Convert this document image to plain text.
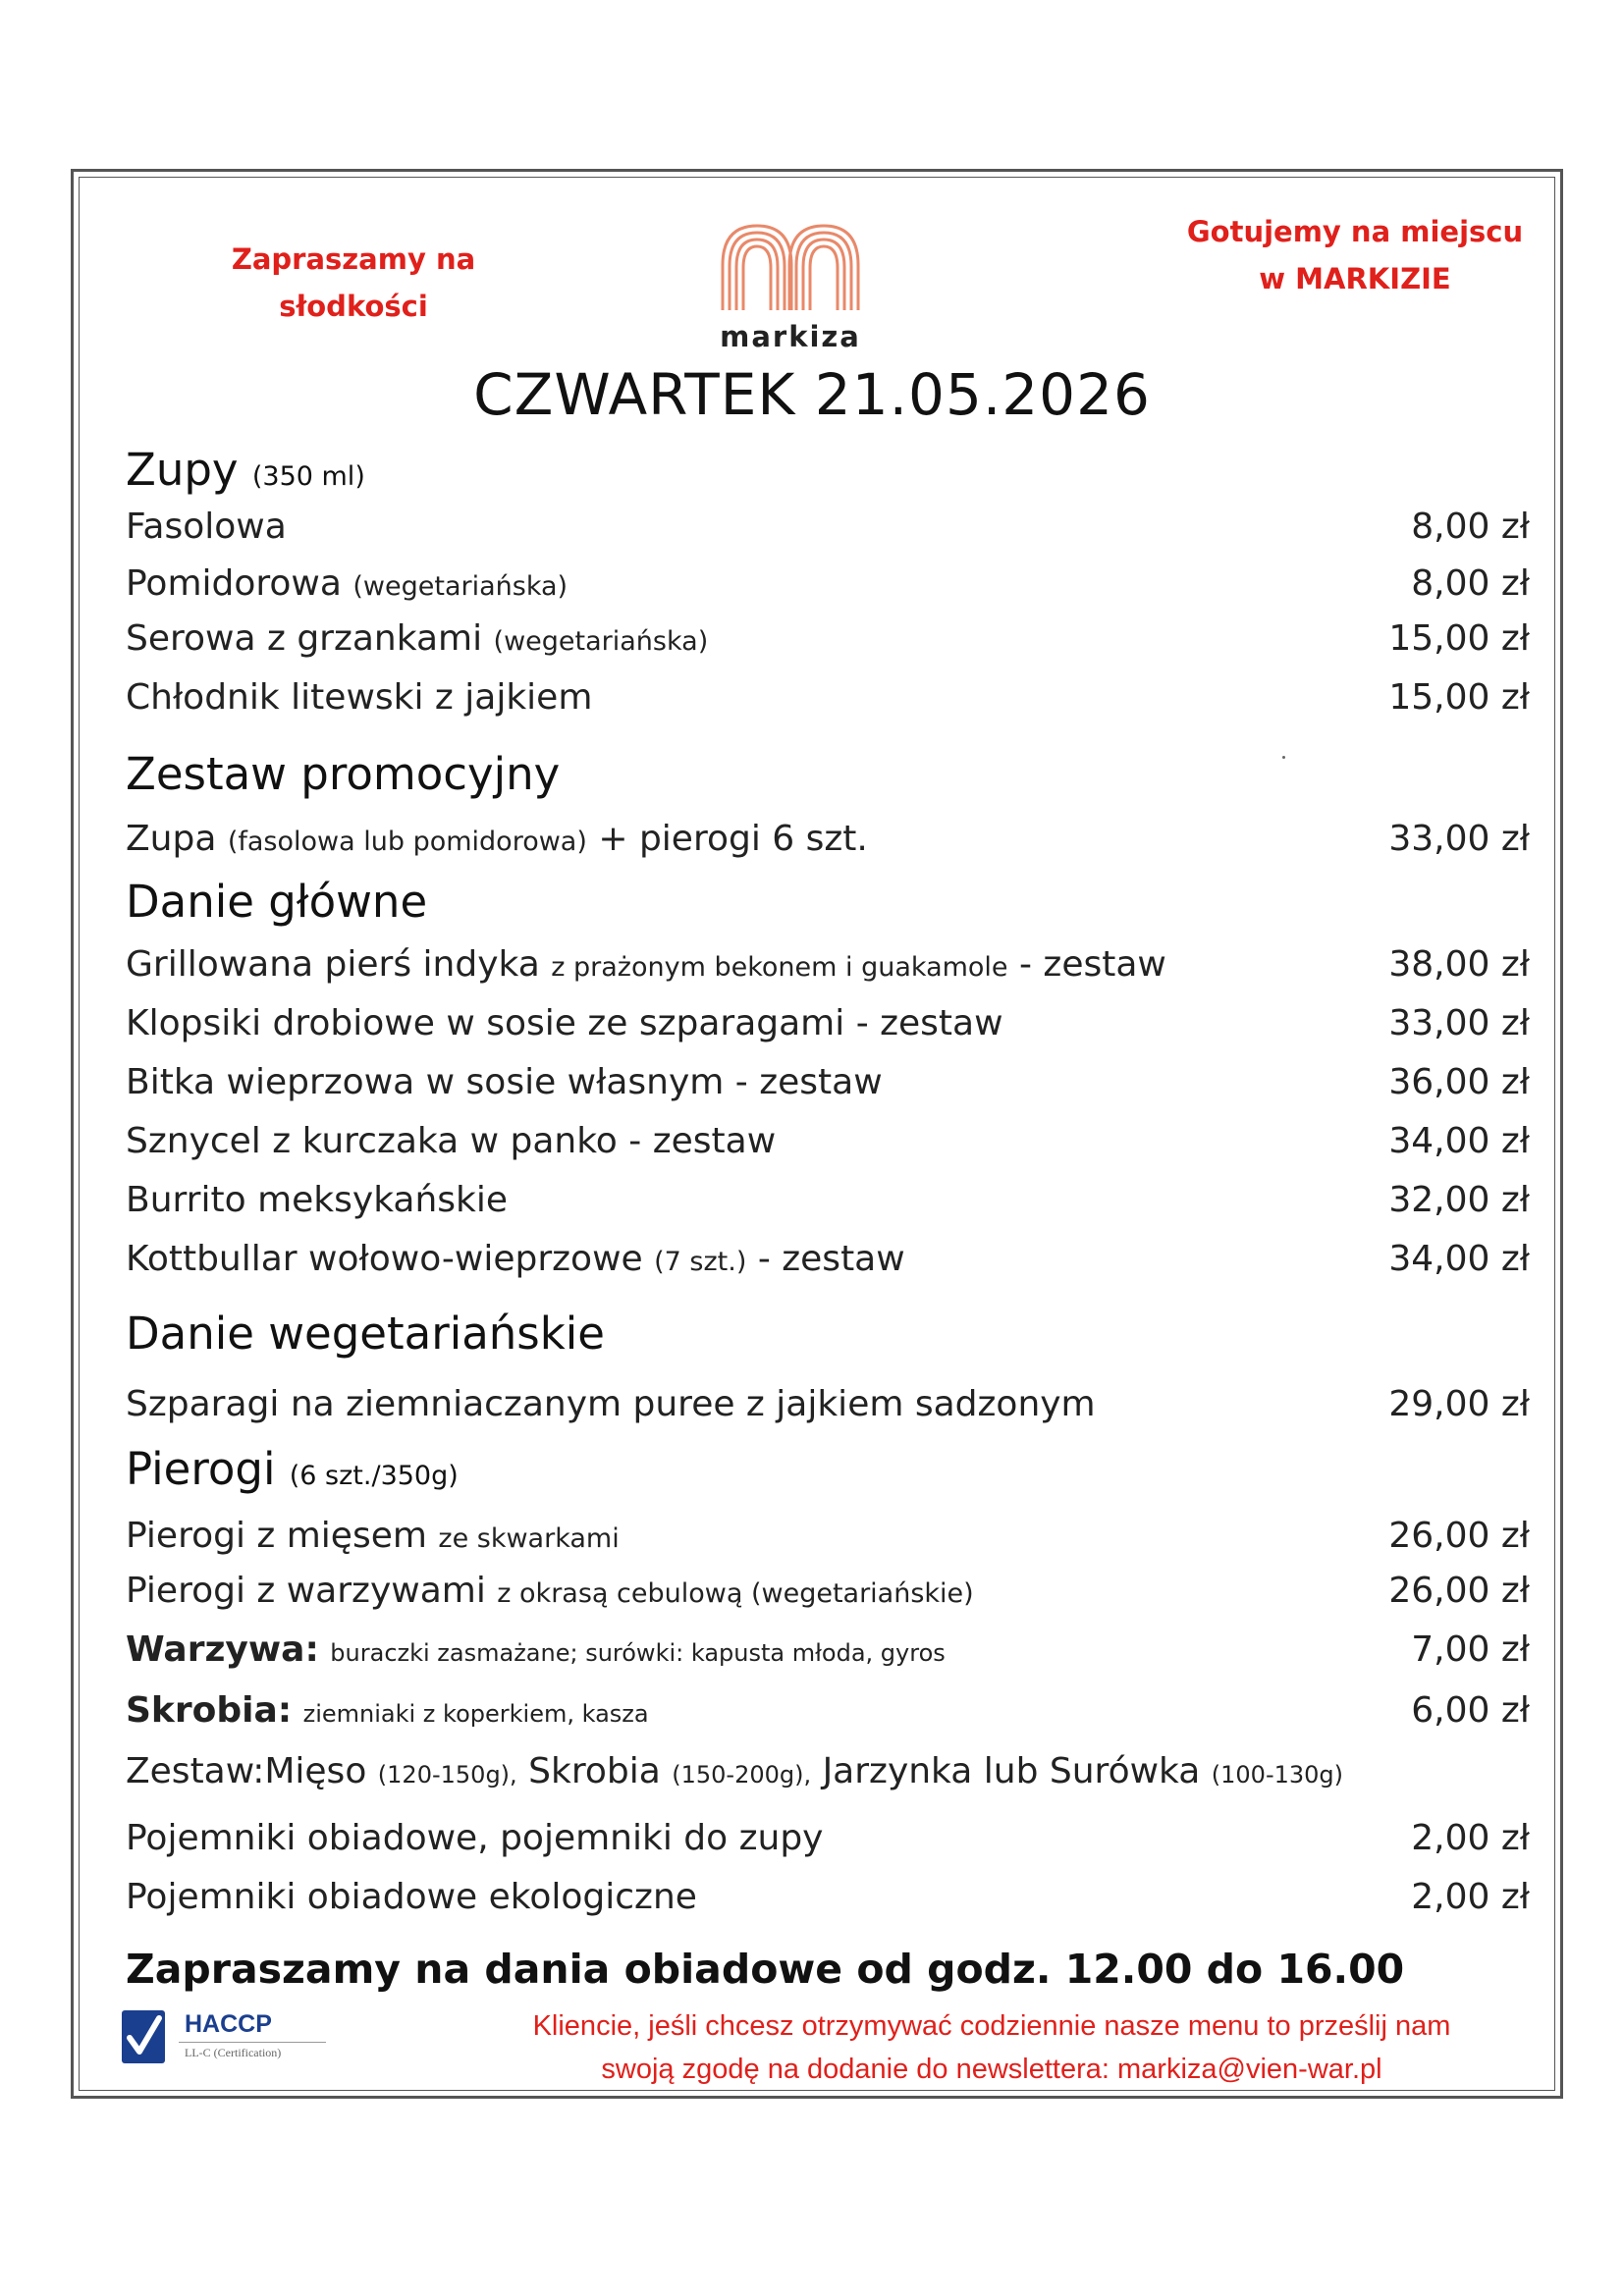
Zapraszamy na
słodkości
Gotujemy na miejscu
w MARKIZIE
markiza
CZWARTEK 21.05.2026
Zupy (350 ml)
Fasolowa	8,00 zł
Pomidorowa (wegetariańska)	8,00 zł
Serowa z grzankami (wegetariańska)	15,00 zł
Chłodnik litewski z jajkiem	15,00 zł
Zestaw promocyjny
Zupa (fasolowa lub pomidorowa) + pierogi 6 szt.	33,00 zł
Danie główne
Grillowana pierś indyka z prażonym bekonem i guakamole - zestaw	38,00 zł
Klopsiki drobiowe w sosie ze szparagami - zestaw	33,00 zł
Bitka wieprzowa w sosie własnym - zestaw	36,00 zł
Sznycel z kurczaka w panko - zestaw	34,00 zł
Burrito meksykańskie	32,00 zł
Kottbullar wołowo-wieprzowe (7 szt.) - zestaw	34,00 zł
Danie wegetariańskie
Szparagi na ziemniaczanym puree z jajkiem sadzonym	29,00 zł
Pierogi (6 szt./350g)
Pierogi z mięsem ze skwarkami	26,00 zł
Pierogi z warzywami z okrasą cebulową (wegetariańskie)	26,00 zł
Warzywa: buraczki zasmażane; surówki: kapusta młoda, gyros	7,00 zł
Skrobia: ziemniaki z koperkiem, kasza	6,00 zł
Zestaw:Mięso (120-150g), Skrobia (150-200g), Jarzynka lub Surówka (100-130g)
Pojemniki obiadowe, pojemniki do zupy	2,00 zł
Pojemniki obiadowe ekologiczne	2,00 zł
Zapraszamy na dania obiadowe od godz. 12.00 do 16.00
HACCP
LL-C (Certification)
Kliencie, jeśli chcesz otrzymywać codziennie nasze menu to prześlij nam
swoją zgodę na dodanie do newslettera: markiza@vien-war.pl
